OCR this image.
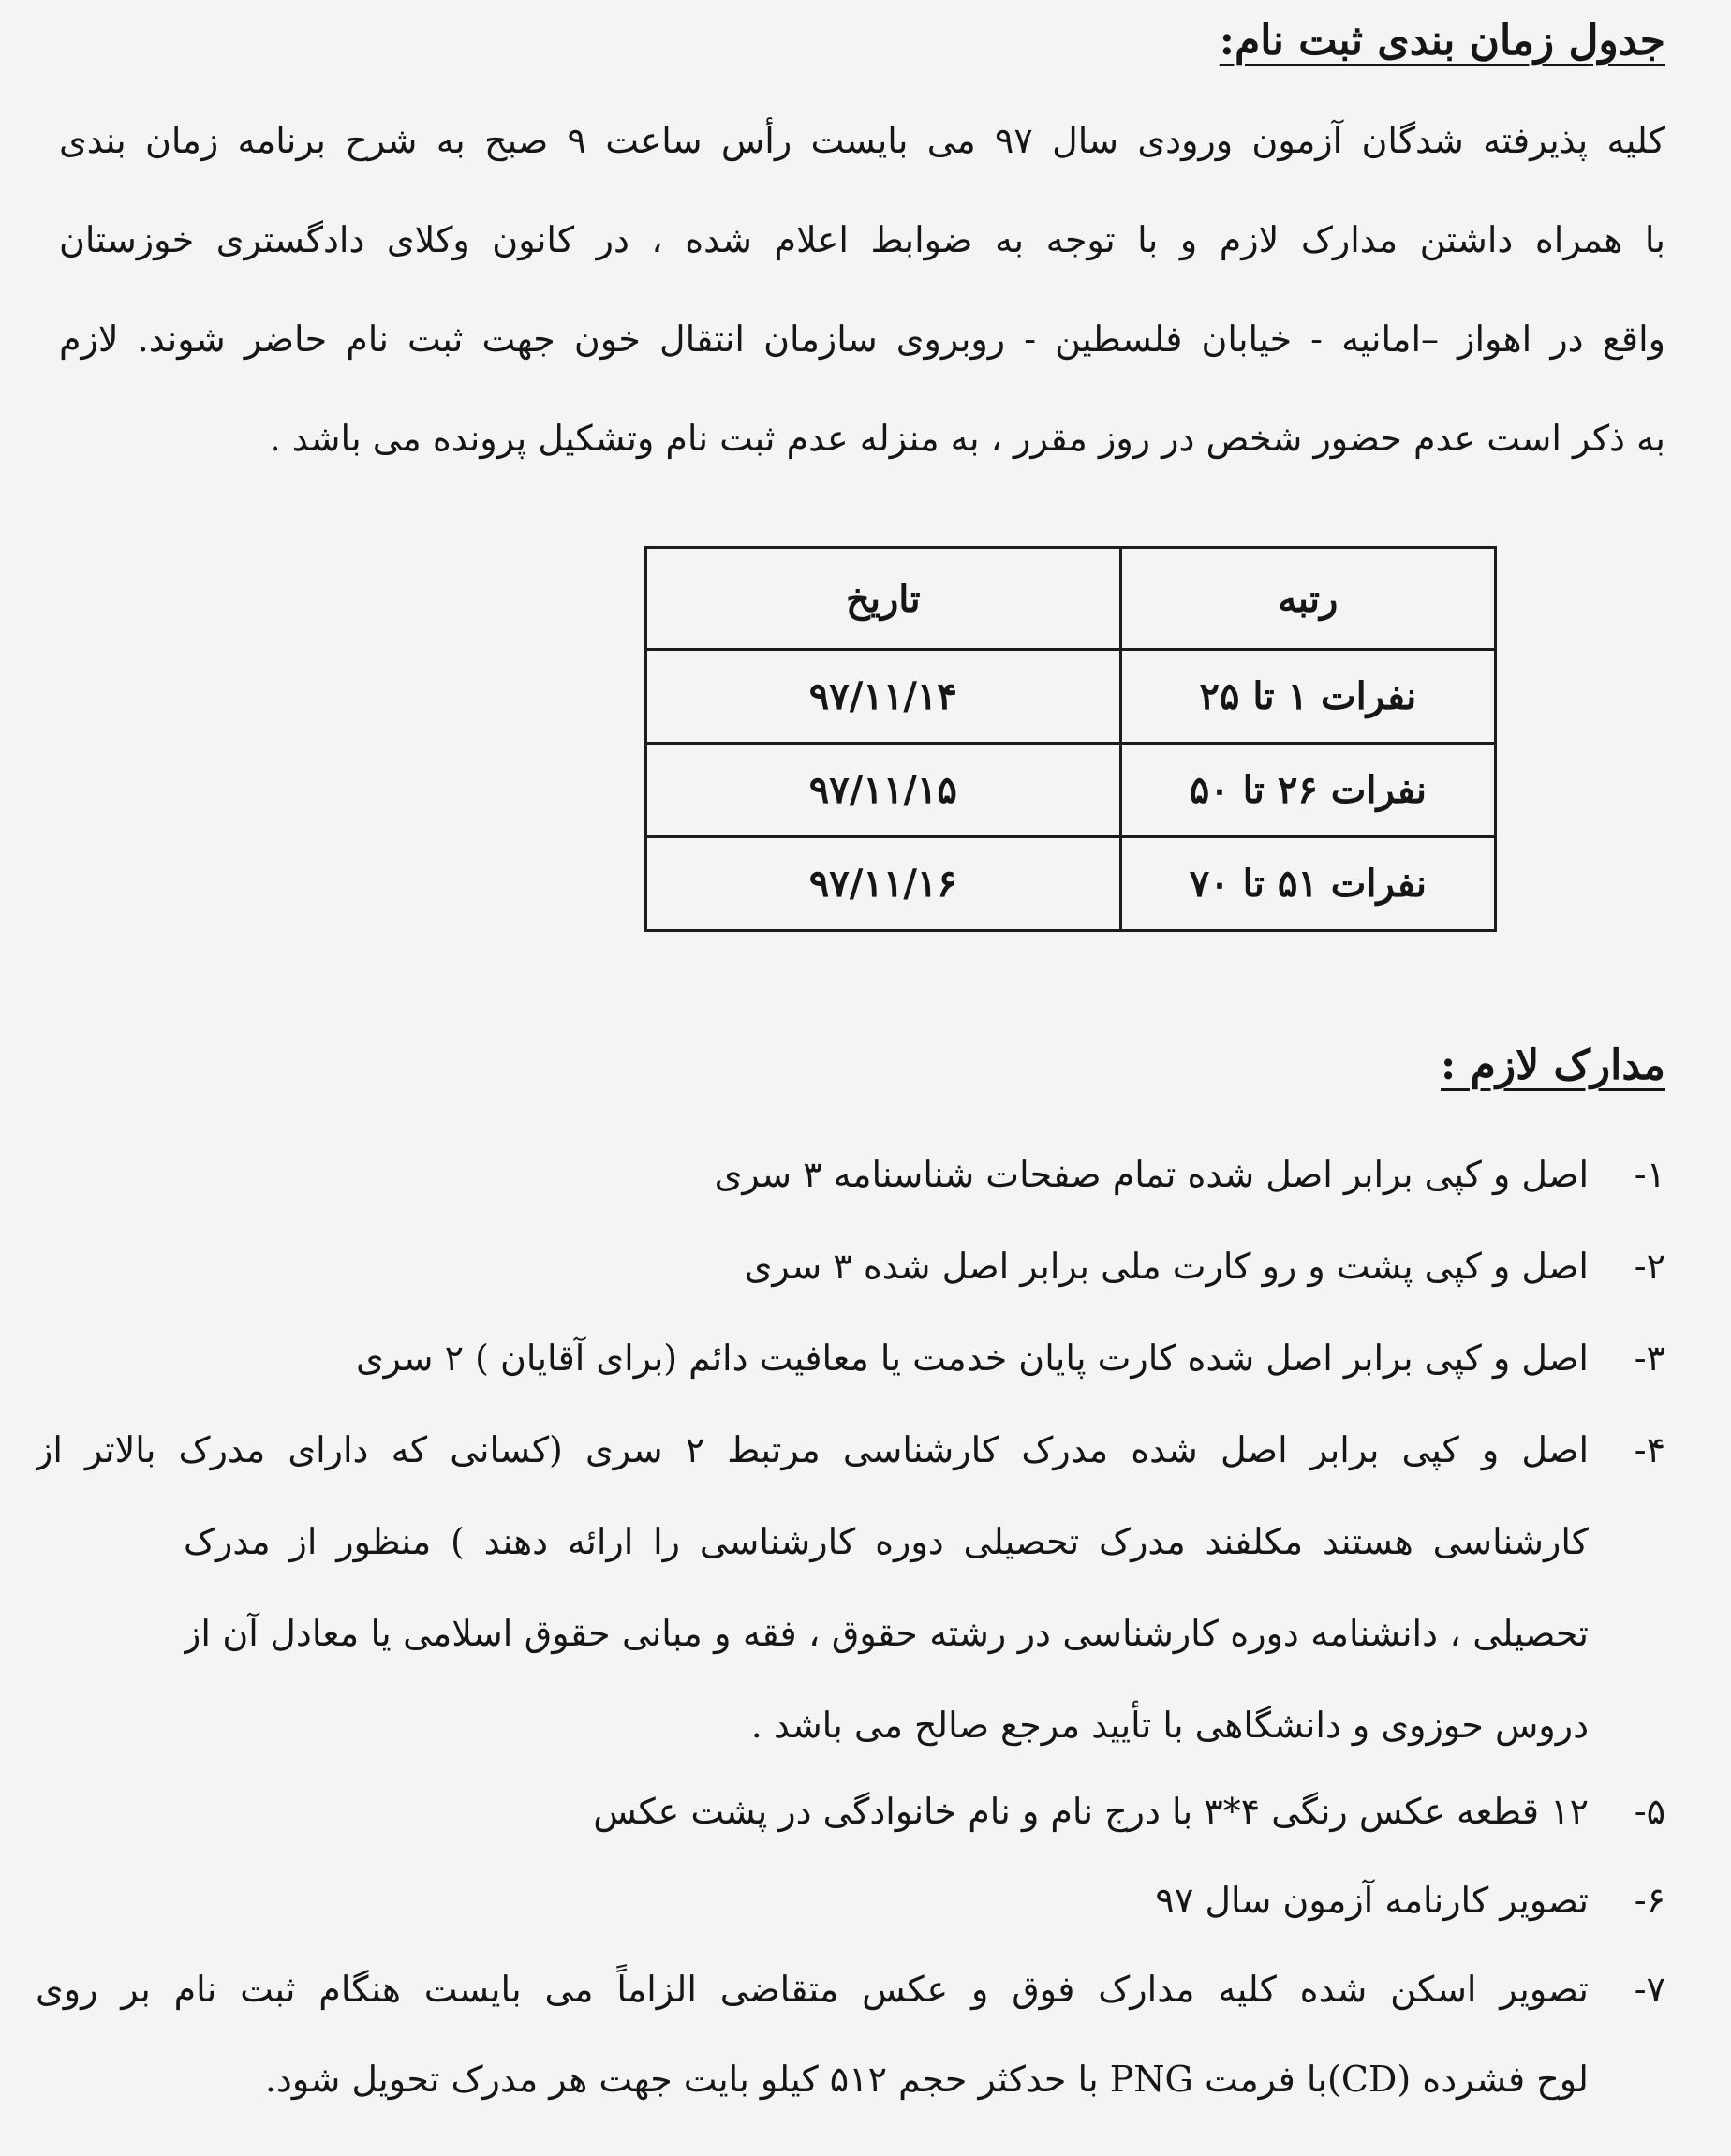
جدول زمان بندی ثبت نام:
کلیه پذیرفته شدگان آزمون ورودی سال ۹۷ می بایست رأس ساعت ۹ صبح به شرح برنامه زمان بندی
با همراه داشتن مدارک لازم و با توجه به ضوابط اعلام شده ، در کانون وکلای دادگستری خوزستان
واقع در اهواز –امانیه - خیابان فلسطین - روبروی سازمان انتقال خون جهت ثبت نام حاضر شوند. لازم
به ذکر است عدم حضور شخص در روز مقرر ، به منزله عدم ثبت نام وتشکیل پرونده می باشد .
رتبه	تاریخ
نفرات ۱ تا ۲۵	۹۷/۱۱/۱۴
نفرات ۲۶ تا ۵۰	۹۷/۱۱/۱۵
نفرات ۵۱ تا ۷۰	۹۷/۱۱/۱۶
مدارک لازم :
۱-
اصل و کپی برابر اصل شده تمام صفحات شناسنامه ۳ سری
۲-
اصل و کپی پشت و رو کارت ملی برابر اصل شده ۳ سری
۳-
اصل و کپی برابر اصل شده کارت پایان خدمت یا معافیت دائم (برای آقایان ) ۲ سری
۴-
اصل و کپی برابر اصل شده مدرک کارشناسی مرتبط ۲ سری (کسانی که دارای مدرک بالاتر از
کارشناسی هستند مکلفند مدرک تحصیلی دوره کارشناسی را ارائه دهند ) منظور از مدرک
تحصیلی ، دانشنامه دوره کارشناسی در رشته حقوق ، فقه و مبانی حقوق اسلامی یا معادل آن از
دروس حوزوی و دانشگاهی با تأیید مرجع صالح می باشد .
۵-
۱۲ قطعه عکس رنگی ۴*۳ با درج نام و نام خانوادگی در پشت عکس
۶-
تصویر کارنامه آزمون سال ۹۷
۷-
تصویر اسکن شده کلیه مدارک فوق و عکس متقاضی الزاماً می بایست هنگام ثبت نام بر روی
لوح فشرده (CD)با فرمت PNG با حدکثر حجم ۵۱۲ کیلو بایت جهت هر مدرک تحویل شود.
